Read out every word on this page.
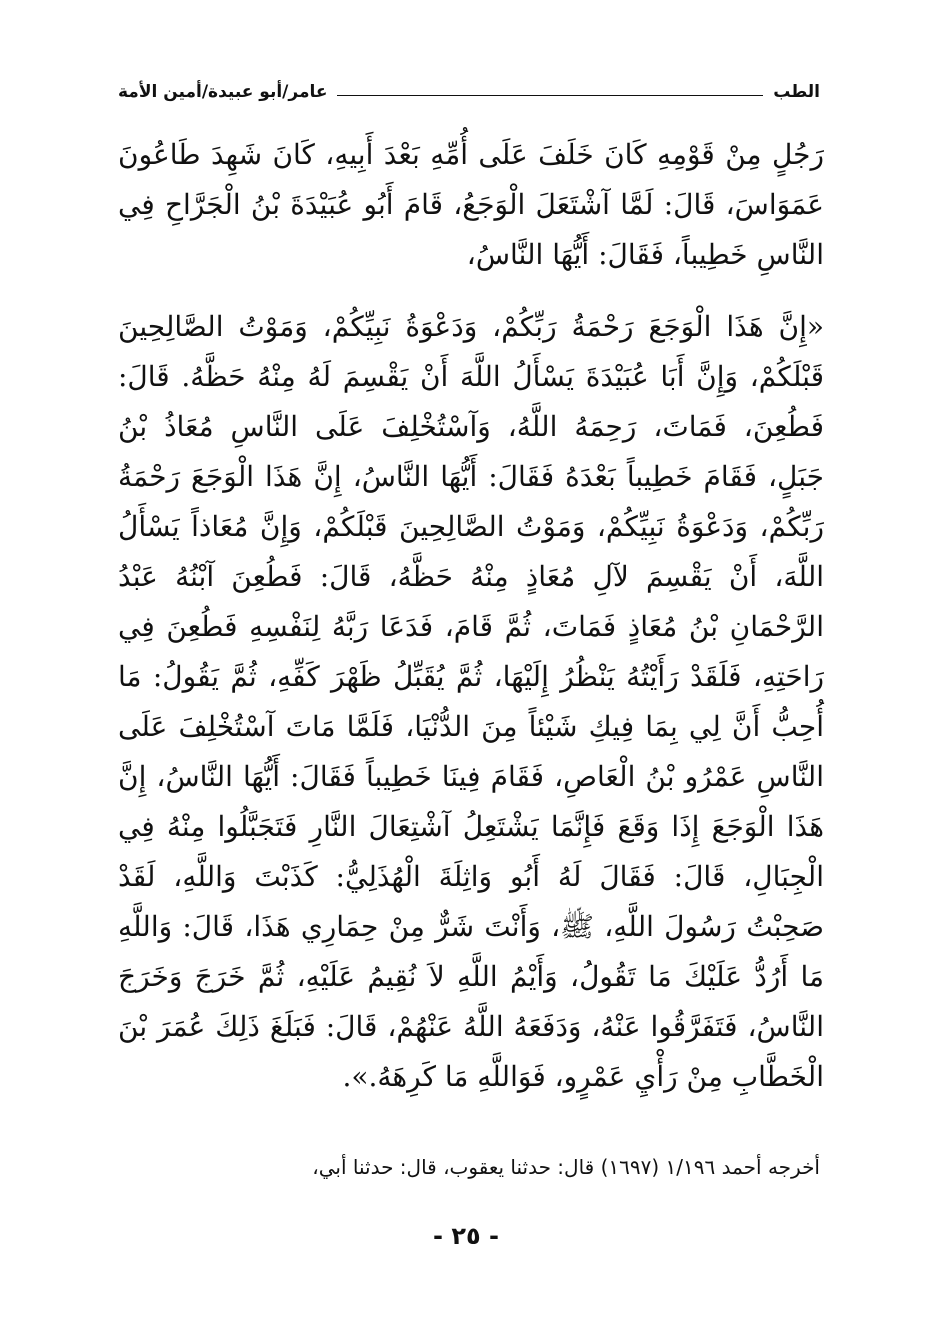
الطب
عامر/أبو عبيدة/أمين الأمة

رَجُلٍ مِنْ قَوْمِهِ كَانَ خَلَفَ عَلَى أُمِّهِ بَعْدَ أَبِيهِ، كَانَ شَهِدَ طَاعُونَ عَمَوَاسَ، قَالَ: لَمَّا آشْتَعَلَ الْوَجَعُ، قَامَ أَبُو عُبَيْدَةَ بْنُ الْجَرَّاحِ فِي النَّاسِ خَطِيباً، فَقَالَ: أَيُّهَا النَّاسُ،

«إِنَّ هَذَا الْوَجَعَ رَحْمَةُ رَبِّكُمْ، وَدَعْوَةُ نَبِيِّكُمْ، وَمَوْتُ الصَّالِحِينَ قَبْلَكُمْ، وَإِنَّ أَبَا عُبَيْدَةَ يَسْأَلُ اللَّهَ أَنْ يَقْسِمَ لَهُ مِنْهُ حَظَّهُ. قَالَ: فَطُعِنَ، فَمَاتَ، رَحِمَهُ اللَّهُ، وَآسْتُخْلِفَ عَلَى النَّاسِ مُعَاذُ بْنُ جَبَلٍ، فَقَامَ خَطِيباً بَعْدَهُ فَقَالَ: أَيُّهَا النَّاسُ، إِنَّ هَذَا الْوَجَعَ رَحْمَةُ رَبِّكُمْ، وَدَعْوَةُ نَبِيِّكُمْ، وَمَوْتُ الصَّالِحِينَ قَبْلَكُمْ، وَإِنَّ مُعَاذاً يَسْأَلُ اللَّهَ، أَنْ يَقْسِمَ لآلِ مُعَاذٍ مِنْهُ حَظَّهُ، قَالَ: فَطُعِنَ آبْنُهُ عَبْدُ الرَّحْمَانِ بْنُ مُعَاذٍ فَمَاتَ، ثُمَّ قَامَ، فَدَعَا رَبَّهُ لِنَفْسِهِ فَطُعِنَ فِي رَاحَتِهِ، فَلَقَدْ رَأَيْتُهُ يَنْظُرُ إِلَيْهَا، ثُمَّ يُقَبِّلُ ظَهْرَ كَفِّهِ، ثُمَّ يَقُولُ: مَا أُحِبُّ أَنَّ لِي بِمَا فِيكِ شَيْئاً مِنَ الدُّنْيَا، فَلَمَّا مَاتَ آسْتُخْلِفَ عَلَى النَّاسِ عَمْرُو بْنُ الْعَاصِ، فَقَامَ فِينَا خَطِيباً فَقَالَ: أَيُّهَا النَّاسُ، إِنَّ هَذَا الْوَجَعَ إِذَا وَقَعَ فَإِنَّمَا يَشْتَعِلُ آشْتِعَالَ النَّارِ فَتَجَبَّلُوا مِنْهُ فِي الْجِبَالِ، قَالَ: فَقَالَ لَهُ أَبُو وَاثِلَةَ الْهُذَلِيُّ: كَذَبْتَ وَاللَّهِ، لَقَدْ صَحِبْتُ رَسُولَ اللَّهِ، ﷺ، وَأَنْتَ شَرٌّ مِنْ حِمَارِي هَذَا، قَالَ: وَاللَّهِ مَا أَرُدُّ عَلَيْكَ مَا تَقُولُ، وَأَيْمُ اللَّهِ لاَ نُقِيمُ عَلَيْهِ، ثُمَّ خَرَجَ وَخَرَجَ النَّاسُ، فَتَفَرَّقُوا عَنْهُ، وَدَفَعَهُ اللَّهُ عَنْهُمْ، قَالَ: فَبَلَغَ ذَلِكَ عُمَرَ بْنَ الْخَطَّابِ مِنْ رَأْيِ عَمْرٍو، فَوَاللَّهِ مَا كَرِهَهُ.».

أخرجه أحمد ١/١٩٦ (١٦٩٧) قال: حدثنا يعقوب، قال: حدثنا أبي،
- ٢٥ -
